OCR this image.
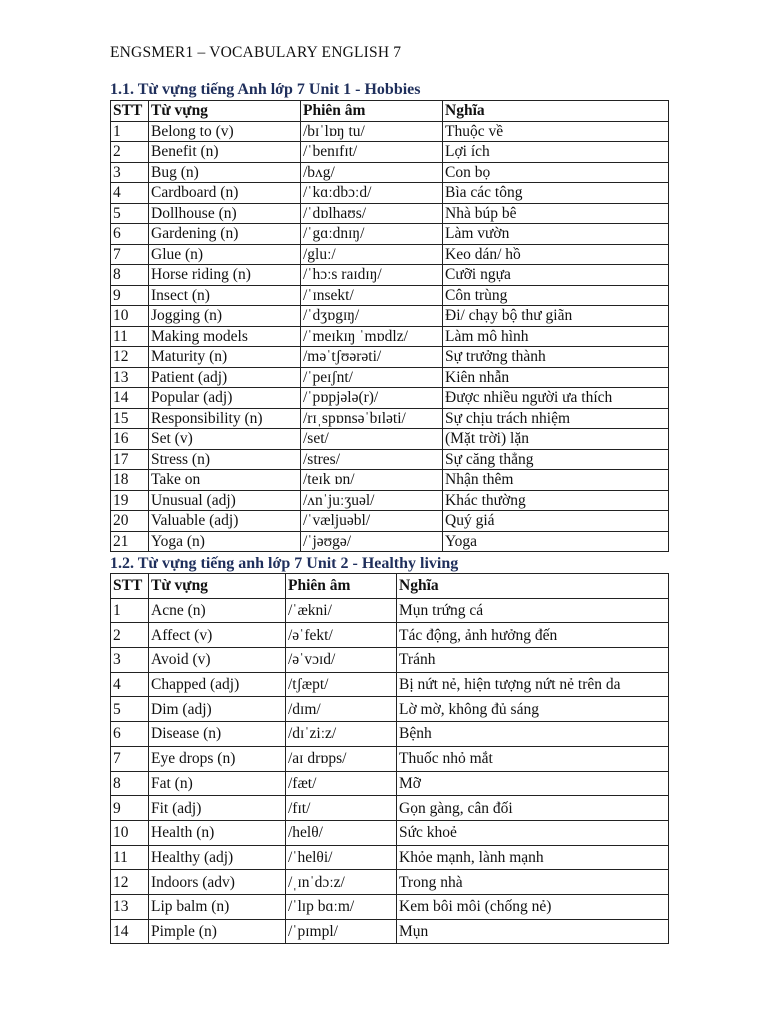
ENGSMER1 – VOCABULARY ENGLISH 7
1.1. Từ vựng tiếng Anh lớp 7 Unit 1 - Hobbies
STT	Từ vựng	Phiên âm	Nghĩa
1	Belong to (v)	/bɪˈlɒŋ tu/	Thuộc về
2	Benefit (n)	/ˈbenɪfɪt/	Lợi ích
3	Bug (n)	/bʌg/	Con bọ
4	Cardboard (n)	/ˈkɑːdbɔːd/	Bìa các tông
5	Dollhouse (n)	/ˈdɒlhaʊs/	Nhà búp bê
6	Gardening (n)	/ˈgɑːdnɪŋ/	Làm vườn
7	Glue (n)	/gluː/	Keo dán/ hồ
8	Horse riding (n)	/ˈhɔːs raɪdɪŋ/	Cưỡi ngựa
9	Insect (n)	/ˈɪnsekt/	Côn trùng
10	Jogging (n)	/ˈdʒɒgɪŋ/	Đi/ chạy bộ thư giãn
11	Making models	/ˈmeɪkɪŋ ˈmɒdlz/	Làm mô hình
12	Maturity (n)	/məˈtʃʊərəti/	Sự trưởng thành
13	Patient (adj)	/ˈpeɪʃnt/	Kiên nhẫn
14	Popular (adj)	/ˈpɒpjələ(r)/	Được nhiều người ưa thích
15	Responsibility (n)	/rɪˌspɒnsəˈbɪləti/	Sự chịu trách nhiệm
16	Set (v)	/set/	(Mặt trời) lặn
17	Stress (n)	/stres/	Sự căng thẳng
18	Take on	/teɪk ɒn/	Nhận thêm
19	Unusual (adj)	/ʌnˈjuːʒuəl/	Khác thường
20	Valuable (adj)	/ˈvæljuəbl/	Quý giá
21	Yoga (n)	/ˈjəʊgə/	Yoga
1.2. Từ vựng tiếng anh lớp 7 Unit 2 - Healthy living
STT	Từ vựng	Phiên âm	Nghĩa
1	Acne (n)	/ˈækni/	Mụn trứng cá
2	Affect (v)	/əˈfekt/	Tác động, ảnh hưởng đến
3	Avoid (v)	/əˈvɔɪd/	Tránh
4	Chapped (adj)	/tʃæpt/	Bị nứt nẻ, hiện tượng nứt nẻ trên da
5	Dim (adj)	/dɪm/	Lờ mờ, không đủ sáng
6	Disease (n)	/dɪˈziːz/	Bệnh
7	Eye drops (n)	/aɪ drɒps/	Thuốc nhỏ mắt
8	Fat (n)	/fæt/	Mỡ
9	Fit (adj)	/fɪt/	Gọn gàng, cân đối
10	Health (n)	/helθ/	Sức khoẻ
11	Healthy (adj)	/ˈhelθi/	Khỏe mạnh, lành mạnh
12	Indoors (adv)	/ˌɪnˈdɔːz/	Trong nhà
13	Lip balm (n)	/ˈlɪp bɑːm/	Kem bôi môi (chống nẻ)
14	Pimple (n)	/ˈpɪmpl/	Mụn
